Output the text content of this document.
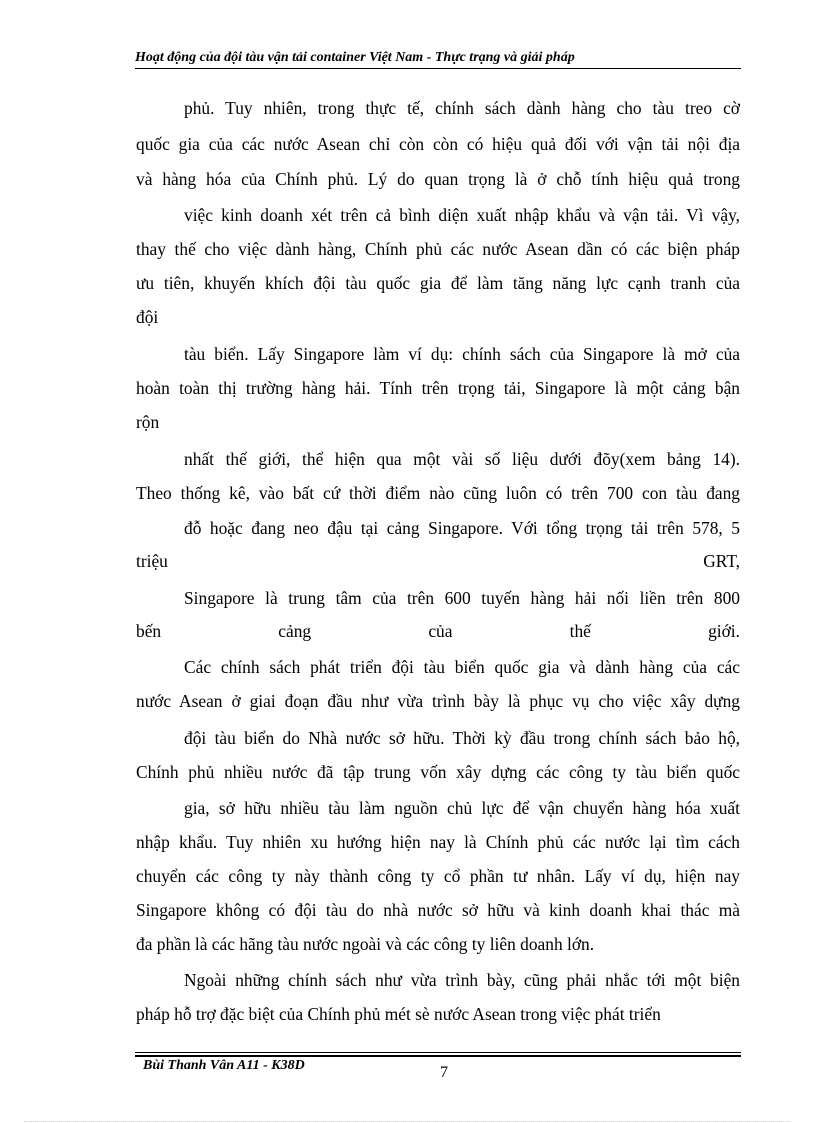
Hoạt động của đội tàu vận tải container Việt Nam - Thực trạng và giải pháp
phủ. Tuy nhiên, trong thực tế, chính sách dành hàng cho tàu treo cờ
quốc gia của các nước Asean chỉ còn còn có hiệu quả đối với vận tải nội địa
và hàng hóa của Chính phủ. Lý do quan trọng là ở chỗ tính hiệu quả trong
việc kinh doanh xét trên cả bình diện xuất nhập khẩu và vận tải. Vì vậy,
thay thế cho việc dành hàng, Chính phủ các nước Asean dần có các biện pháp
ưu tiên, khuyến khích đội tàu quốc gia để làm tăng năng lực cạnh tranh của
đội
tàu biển. Lấy Singapore làm ví dụ: chính sách của Singapore là mở của
hoàn toàn thị trường hàng hải. Tính trên trọng tải, Singapore là một cảng bận
rộn
nhất thế giới, thể hiện qua một vài số liệu dưới đõy(xem bảng 14).
Theo thống kê, vào bất cứ thời điểm nào cũng luôn có trên 700 con tàu đang
đỗ hoặc đang neo đậu tại cảng Singapore. Với tổng trọng tải trên 578, 5
triệu	GRT,
Singapore là trung tâm của trên 600 tuyến hàng hải nối liền trên 800
bến cảng của thế giới.
Các chính sách phát triển đội tàu biển quốc gia và dành hàng của các
nước Asean ở giai đoạn đầu như vừa trình bày là phục vụ cho việc xây dựng
đội tàu biển do Nhà nước sở hữu. Thời kỳ đầu trong chính sách bảo hộ,
Chính phủ nhiều nước đã tập trung vốn xây dựng các công ty tàu biển quốc
gia, sở hữu nhiều tàu làm nguồn chủ lực để vận chuyển hàng hóa xuất
nhập khẩu. Tuy nhiên xu hướng hiện nay là Chính phủ các nước lại tìm cách
chuyển các công ty này thành công ty cổ phần tư nhân. Lấy ví dụ, hiện nay
Singapore không có đội tàu do nhà nước sở hữu và kinh doanh khai thác mà
đa phần là các hãng tàu nước ngoài và các công ty liên doanh lớn.
Ngoài những chính sách như vừa trình bày, cũng phải nhắc tới một biện
pháp hỗ trợ đặc biệt của Chính phủ mét sè nước Asean trong việc phát triển
Bùi Thanh Vân A11 - K38D	7
